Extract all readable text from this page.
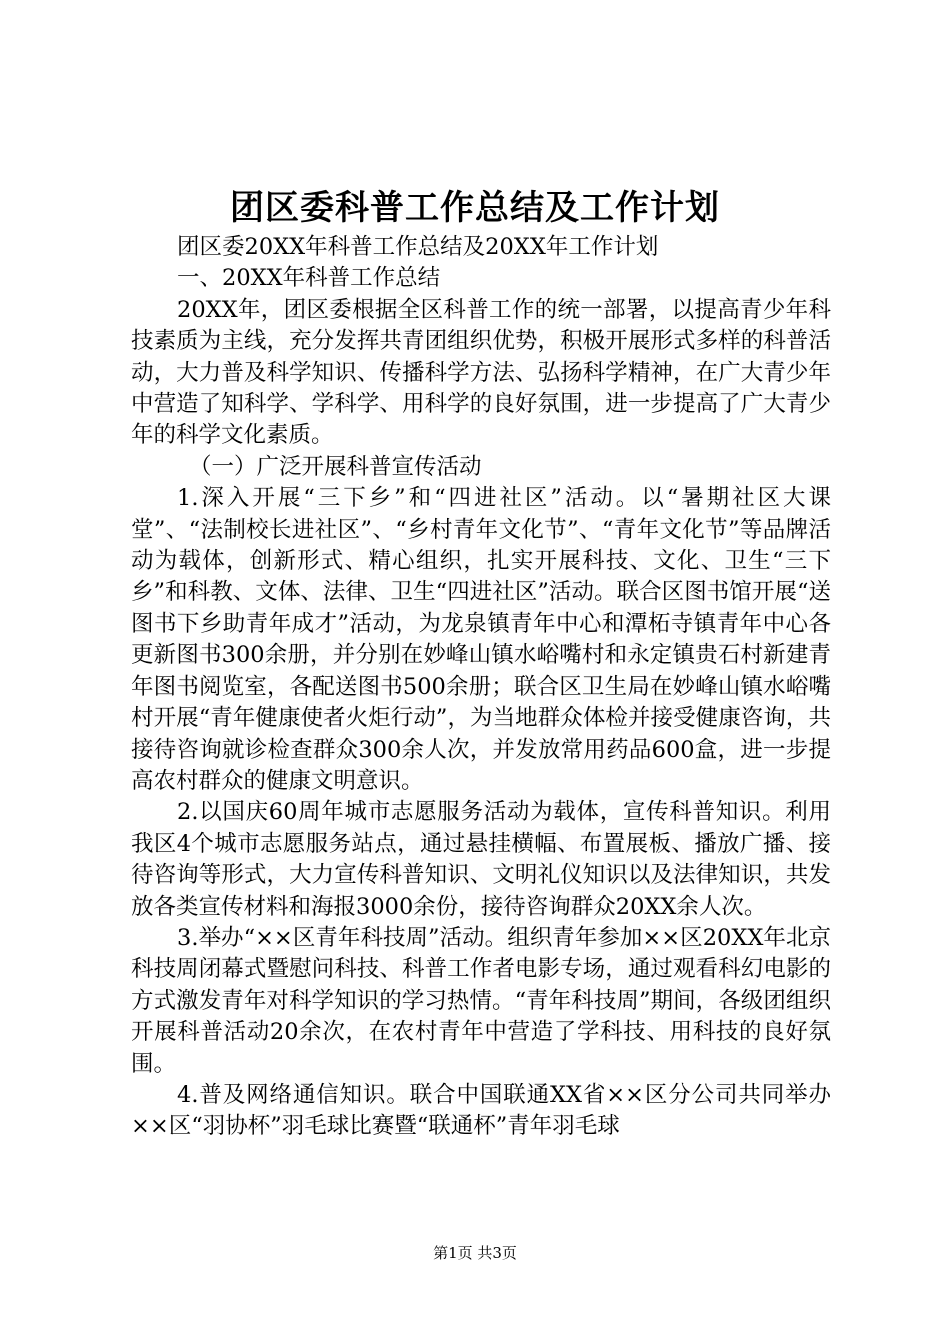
团区委科普工作总结及工作计划

团区委20XX年科普工作总结及20XX年工作计划

一、20XX年科普工作总结

20XX年，团区委根据全区科普工作的统一部署，以提高青少年科技素质为主线，充分发挥共青团组织优势，积极开展形式多样的科普活动，大力普及科学知识、传播科学方法、弘扬科学精神，在广大青少年中营造了知科学、学科学、用科学的良好氛围，进一步提高了广大青少年的科学文化素质。

（一）广泛开展科普宣传活动

1.深入开展“三下乡”和“四进社区”活动。以“暑期社区大课堂”、“法制校长进社区”、“乡村青年文化节”、“青年文化节”等品牌活动为载体，创新形式、精心组织，扎实开展科技、文化、卫生“三下乡”和科教、文体、法律、卫生“四进社区”活动。联合区图书馆开展“送图书下乡助青年成才”活动，为龙泉镇青年中心和潭柘寺镇青年中心各更新图书300余册，并分别在妙峰山镇水峪嘴村和永定镇贵石村新建青年图书阅览室，各配送图书500余册；联合区卫生局在妙峰山镇水峪嘴村开展“青年健康使者火炬行动”，为当地群众体检并接受健康咨询，共接待咨询就诊检查群众300余人次，并发放常用药品600盒，进一步提高农村群众的健康文明意识。

2.以国庆60周年城市志愿服务活动为载体，宣传科普知识。利用我区4个城市志愿服务站点，通过悬挂横幅、布置展板、播放广播、接待咨询等形式，大力宣传科普知识、文明礼仪知识以及法律知识，共发放各类宣传材料和海报3000余份，接待咨询群众20XX余人次。

3.举办“××区青年科技周”活动。组织青年参加××区20XX年北京科技周闭幕式暨慰问科技、科普工作者电影专场，通过观看科幻电影的方式激发青年对科学知识的学习热情。“青年科技周”期间，各级团组织开展科普活动20余次，在农村青年中营造了学科技、用科技的良好氛围。

4.普及网络通信知识。联合中国联通XX省××区分公司共同举办××区“羽协杯”羽毛球比赛暨“联通杯”青年羽毛球

第1页 共3页
